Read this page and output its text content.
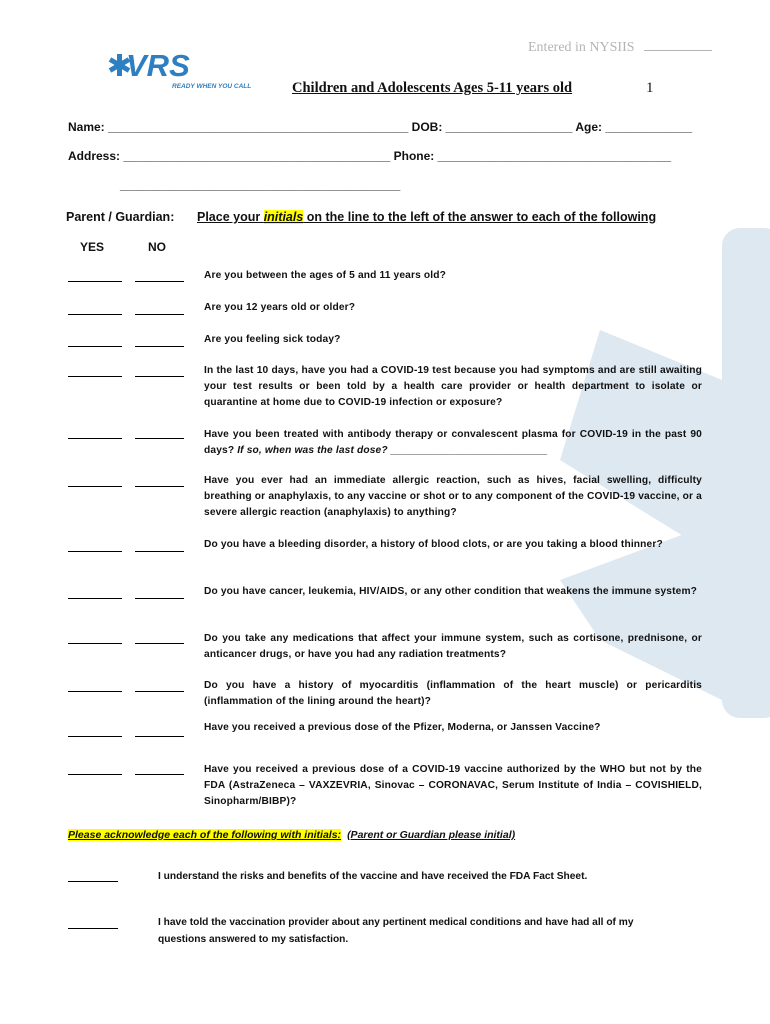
Entered in NYSIIS
VRS
READY WHEN YOU CALL	Children and Adolescents Ages 5-11 years old	1
Name: _____________________________________________ DOB: ___________________ Age: _____________
Address: ________________________________________ Phone: ___________________________________
__________________________________________
Parent / Guardian: Place your initials on the line to the left of the answer to each of the following
YES	NO
Are you between the ages of 5 and 11 years old?
Are you 12 years old or older?
Are you feeling sick today?
In the last 10 days, have you had a COVID-19 test because you had symptoms and are still awaiting your test results or been told by a health care provider or health department to isolate or quarantine at home due to COVID-19 infection or exposure?
Have you been treated with antibody therapy or convalescent plasma for COVID-19 in the past 90 days? If so, when was the last dose? ___________________________
Have you ever had an immediate allergic reaction, such as hives, facial swelling, difficulty breathing or anaphylaxis, to any vaccine or shot or to any component of the COVID-19 vaccine, or a severe allergic reaction (anaphylaxis) to anything?
Do you have a bleeding disorder, a history of blood clots, or are you taking a blood thinner?
Do you have cancer, leukemia, HIV/AIDS, or any other condition that weakens the immune system?
Do you take any medications that affect your immune system, such as cortisone, prednisone, or anticancer drugs, or have you had any radiation treatments?
Do you have a history of myocarditis (inflammation of the heart muscle) or pericarditis (inflammation of the lining around the heart)?
Have you received a previous dose of the Pfizer, Moderna, or Janssen Vaccine?
Have you received a previous dose of a COVID-19 vaccine authorized by the WHO but not by the FDA (AstraZeneca – VAXZEVRIA, Sinovac – CORONAVAC, Serum Institute of India – COVISHIELD, Sinopharm/BIBP)?
Please acknowledge each of the following with initials: (Parent or Guardian please initial)
I understand the risks and benefits of the vaccine and have received the FDA Fact Sheet.
I have told the vaccination provider about any pertinent medical conditions and have had all of my questions answered to my satisfaction.
